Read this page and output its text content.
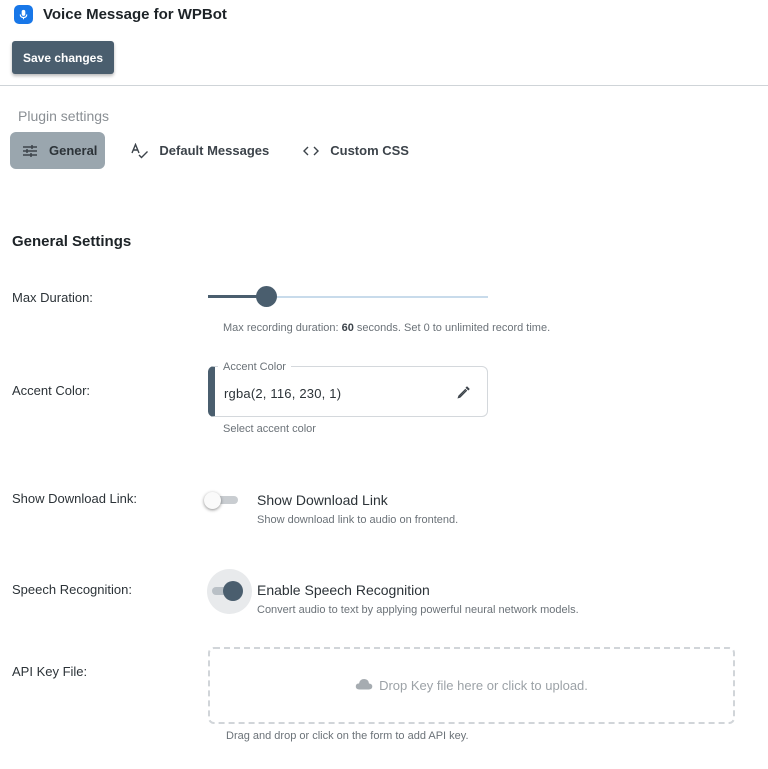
Voice Message for WPBot
Save changes
Plugin settings
General	Default Messages	Custom CSS
General Settings
Max Duration:
Max recording duration: 60 seconds. Set 0 to unlimited record time.
Accent Color:
Accent Color
rgba(2, 116, 230, 1)
Select accent color
Show Download Link:	Show Download Link
Show download link to audio on frontend.
Speech Recognition:	Enable Speech Recognition
Convert audio to text by applying powerful neural network models.
API Key File:
Drop Key file here or click to upload.
Drag and drop or click on the form to add API key.
